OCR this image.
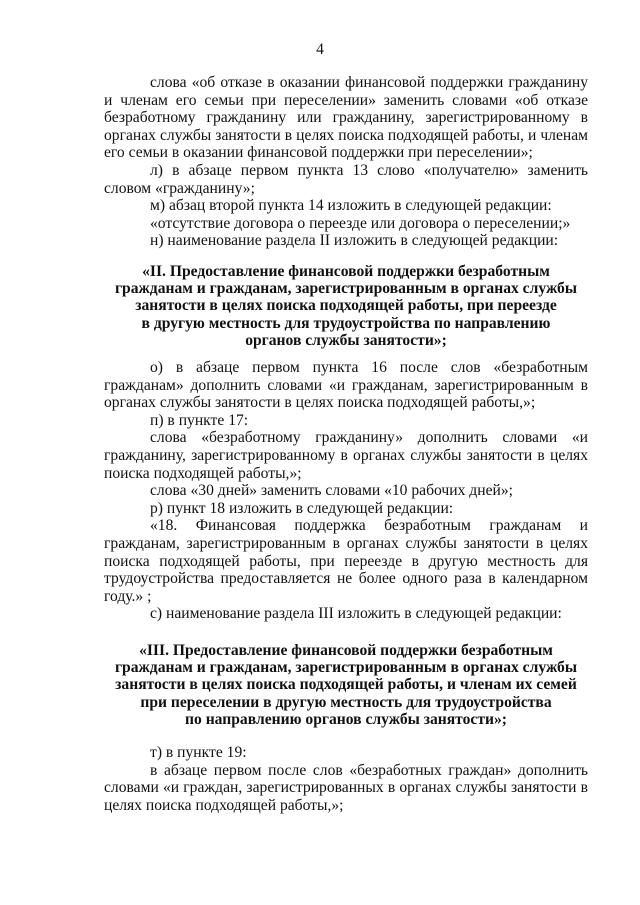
4

слова «об отказе в оказании финансовой поддержки гражданину и членам его семьи при переселении» заменить словами «об отказе безработному гражданину или гражданину, зарегистрированному в органах службы занятости в целях поиска подходящей работы, и членам его семьи в оказании финансовой поддержки при переселении»;

л) в абзаце первом пункта 13 слово «получателю» заменить словом «гражданину»;

м) абзац второй пункта 14 изложить в следующей редакции:

«отсутствие договора о переезде или договора о переселении;»

н) наименование раздела II изложить в следующей редакции:

«II. Предоставление финансовой поддержки безработным
гражданам и гражданам, зарегистрированным в органах службы
занятости в целях поиска подходящей работы, при переезде
в другую местность для трудоустройства по направлению
органов службы занятости»;

о) в абзаце первом пункта 16 после слов «безработным гражданам» дополнить словами «и гражданам, зарегистрированным в органах службы занятости в целях поиска подходящей работы,»;

п) в пункте 17:

слова «безработному гражданину» дополнить словами «и гражданину, зарегистрированному в органах службы занятости в целях поиска подходящей работы,»;

слова «30 дней» заменить словами «10 рабочих дней»;

р) пункт 18 изложить в следующей редакции:

«18. Финансовая поддержка безработным гражданам и гражданам, зарегистрированным в органах службы занятости в целях поиска подходящей работы, при переезде в другую местность для трудоустройства предоставляется не более одного раза в календарном году.» ;

с) наименование раздела III изложить в следующей редакции:

«III. Предоставление финансовой поддержки безработным
гражданам и гражданам, зарегистрированным в органах службы
занятости в целях поиска подходящей работы, и членам их семей
при переселении в другую местность для трудоустройства
по направлению органов службы занятости»;

т) в пункте 19:

в абзаце первом после слов «безработных граждан» дополнить словами «и граждан, зарегистрированных в органах службы занятости в целях поиска подходящей работы,»;
